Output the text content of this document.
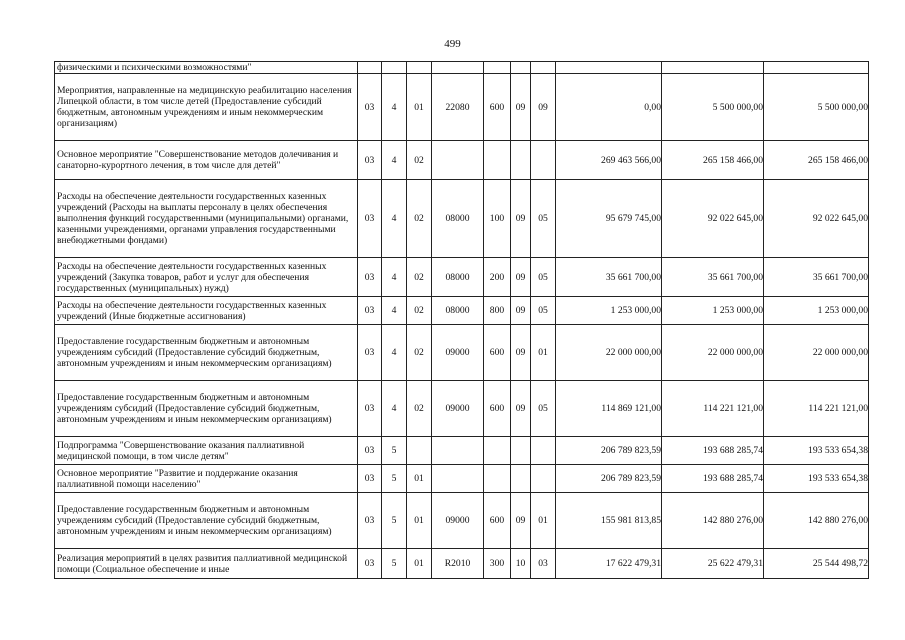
499
физическими и психическими возможностями"										
Мероприятия, направленные на медицинскую реабилитацию населения Липецкой области, в том числе детей (Предоставление субсидий бюджетным, автономным учреждениям и иным некоммерческим организациям)	03	4	01	22080	600	09	09	0,00	5 500 000,00	5 500 000,00
Основное мероприятие "Совершенствование методов долечивания и санаторно-курортного лечения, в том числе для детей"	03	4	02					269 463 566,00	265 158 466,00	265 158 466,00
Расходы на обеспечение деятельности государственных казенных учреждений (Расходы на выплаты персоналу в целях обеспечения выполнения функций государственными (муниципальными) органами, казенными учреждениями, органами управления государственными внебюджетными фондами)	03	4	02	08000	100	09	05	95 679 745,00	92 022 645,00	92 022 645,00
Расходы на обеспечение деятельности государственных казенных учреждений (Закупка товаров, работ и услуг для обеспечения государственных (муниципальных) нужд)	03	4	02	08000	200	09	05	35 661 700,00	35 661 700,00	35 661 700,00
Расходы на обеспечение деятельности государственных казенных учреждений (Иные бюджетные ассигнования)	03	4	02	08000	800	09	05	1 253 000,00	1 253 000,00	1 253 000,00
Предоставление государственным бюджетным и автономным учреждениям субсидий (Предоставление субсидий бюджетным, автономным учреждениям и иным некоммерческим организациям)	03	4	02	09000	600	09	01	22 000 000,00	22 000 000,00	22 000 000,00
Предоставление государственным бюджетным и автономным учреждениям субсидий (Предоставление субсидий бюджетным, автономным учреждениям и иным некоммерческим организациям)	03	4	02	09000	600	09	05	114 869 121,00	114 221 121,00	114 221 121,00
Подпрограмма "Совершенствование оказания паллиативной медицинской помощи, в том числе детям"	03	5						206 789 823,59	193 688 285,74	193 533 654,38
Основное мероприятие "Развитие и поддержание оказания паллиативной помощи населению"	03	5	01					206 789 823,59	193 688 285,74	193 533 654,38
Предоставление государственным бюджетным и автономным учреждениям субсидий (Предоставление субсидий бюджетным, автономным учреждениям и иным некоммерческим организациям)	03	5	01	09000	600	09	01	155 981 813,85	142 880 276,00	142 880 276,00
Реализация мероприятий в целях развития паллиативной медицинской помощи (Социальное обеспечение и иные	03	5	01	R2010	300	10	03	17 622 479,31	25 622 479,31	25 544 498,72
